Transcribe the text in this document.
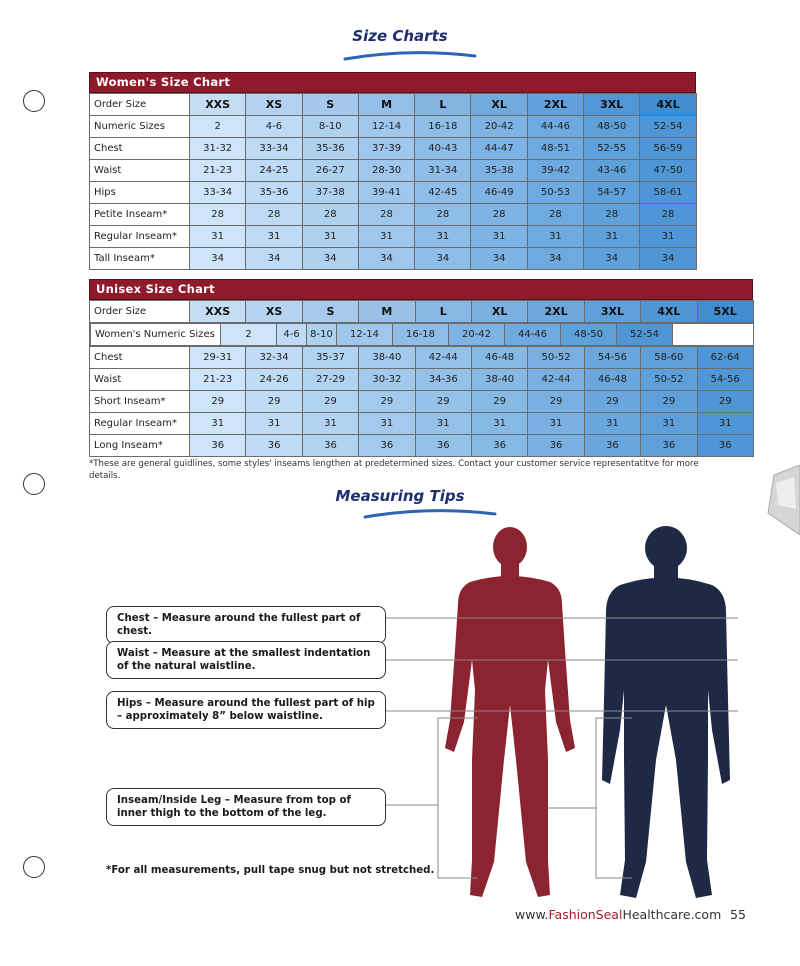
Size Charts
Women's Size Chart
Order Size	XXS	XS	S	M	L	XL	2XL	3XL	4XL
Numeric Sizes	2	4-6	8-10	12-14	16-18	20-42	44-46	48-50	52-54
Chest	31-32	33-34	35-36	37-39	40-43	44-47	48-51	52-55	56-59
Waist	21-23	24-25	26-27	28-30	31-34	35-38	39-42	43-46	47-50
Hips	33-34	35-36	37-38	39-41	42-45	46-49	50-53	54-57	58-61
Petite Inseam*	28	28	28	28	28	28	28	28	28
Regular Inseam*	31	31	31	31	31	31	31	31	31
Tall Inseam*	34	34	34	34	34	34	34	34	34
Unisex Size Chart
Order Size	XXS	XS	S	M	L	XL	2XL	3XL	4XL	5XL

Women's Numeric Sizes	2	4-6	8-10	12-14	16-18	20-42	44-46	48-50	52-54	

Chest	29-31	32-34	35-37	38-40	42-44	46-48	50-52	54-56	58-60	62-64
Waist	21-23	24-26	27-29	30-32	34-36	38-40	42-44	46-48	50-52	54-56
Short Inseam*	29	29	29	29	29	29	29	29	29	29
Regular Inseam*	31	31	31	31	31	31	31	31	31	31
Long Inseam*	36	36	36	36	36	36	36	36	36	36
*These are general guidlines, some styles' inseams lengthen at predetermined sizes. Contact your customer service representatitve for more details.
Measuring Tips
Chest – Measure around the fullest part of chest.
Waist – Measure at the smallest indentation of the natural waistline.
Hips – Measure around the fullest part of hip – approximately 8” below waistline.
Inseam/Inside Leg – Measure from top of inner thigh to the bottom of the leg.
*For all measurements, pull tape snug but not stretched.
www.FashionSealHealthcare.com 55
